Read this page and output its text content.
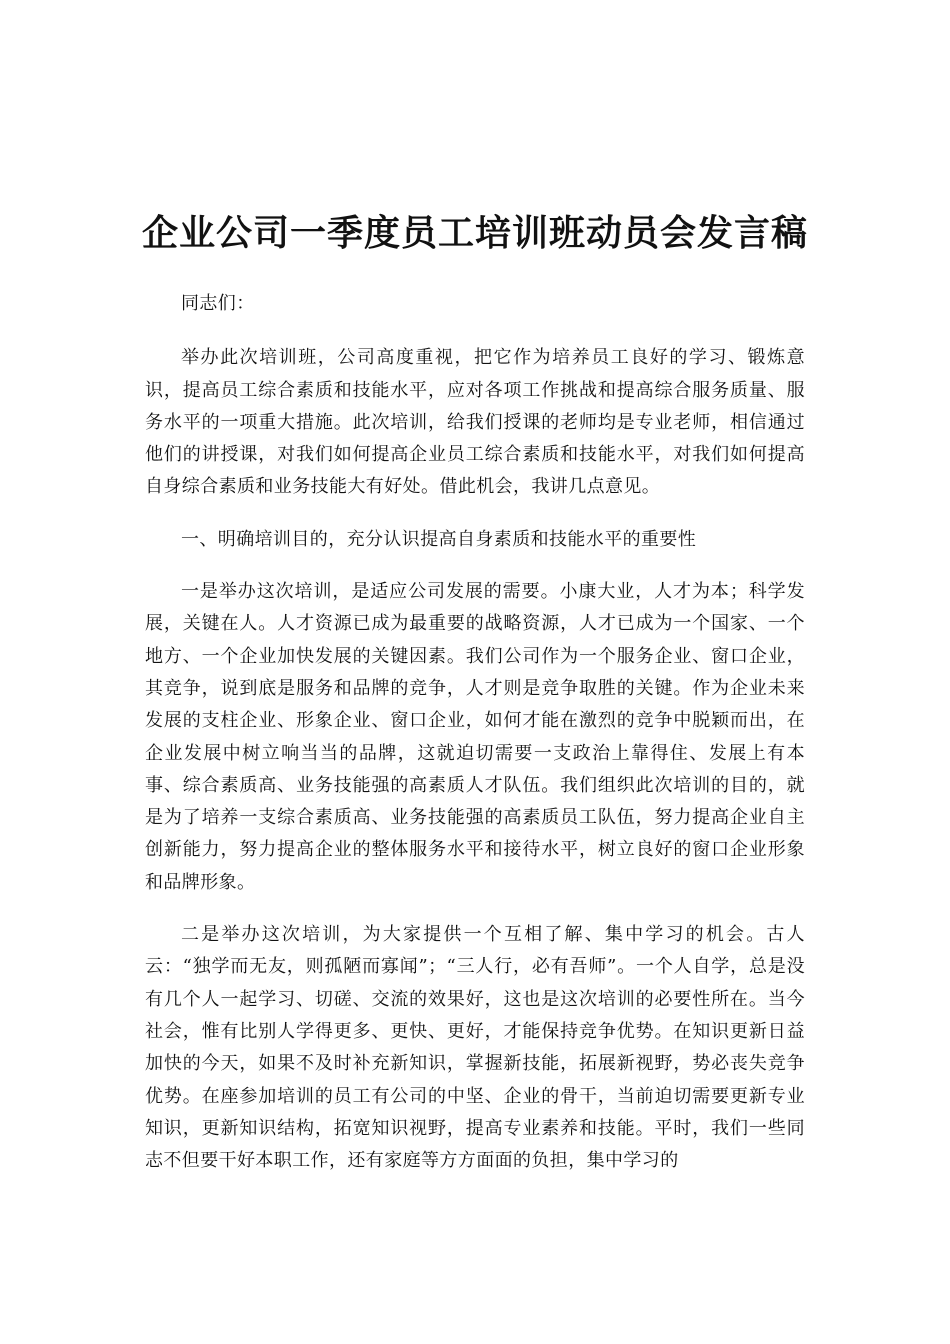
企业公司一季度员工培训班动员会发言稿

同志们：

举办此次培训班，公司高度重视，把它作为培养员工良好的学习、锻炼意识，提高员工综合素质和技能水平，应对各项工作挑战和提高综合服务质量、服务水平的一项重大措施。此次培训，给我们授课的老师均是专业老师，相信通过他们的讲授课，对我们如何提高企业员工综合素质和技能水平，对我们如何提高自身综合素质和业务技能大有好处。借此机会，我讲几点意见。

一、明确培训目的，充分认识提高自身素质和技能水平的重要性

一是举办这次培训，是适应公司发展的需要。小康大业，人才为本；科学发展，关键在人。人才资源已成为最重要的战略资源，人才已成为一个国家、一个地方、一个企业加快发展的关键因素。我们公司作为一个服务企业、窗口企业，其竞争，说到底是服务和品牌的竞争，人才则是竞争取胜的关键。作为企业未来发展的支柱企业、形象企业、窗口企业，如何才能在激烈的竞争中脱颖而出，在企业发展中树立响当当的品牌，这就迫切需要一支政治上靠得住、发展上有本事、综合素质高、业务技能强的高素质人才队伍。我们组织此次培训的目的，就是为了培养一支综合素质高、业务技能强的高素质员工队伍，努力提高企业自主创新能力，努力提高企业的整体服务水平和接待水平，树立良好的窗口企业形象和品牌形象。

二是举办这次培训，为大家提供一个互相了解、集中学习的机会。古人云：“独学而无友，则孤陋而寡闻”；“三人行，必有吾师”。一个人自学，总是没有几个人一起学习、切磋、交流的效果好，这也是这次培训的必要性所在。当今社会，惟有比别人学得更多、更快、更好，才能保持竞争优势。在知识更新日益加快的今天，如果不及时补充新知识，掌握新技能，拓展新视野，势必丧失竞争优势。在座参加培训的员工有公司的中坚、企业的骨干，当前迫切需要更新专业知识，更新知识结构，拓宽知识视野，提高专业素养和技能。平时，我们一些同志不但要干好本职工作，还有家庭等方方面面的负担，集中学习的
